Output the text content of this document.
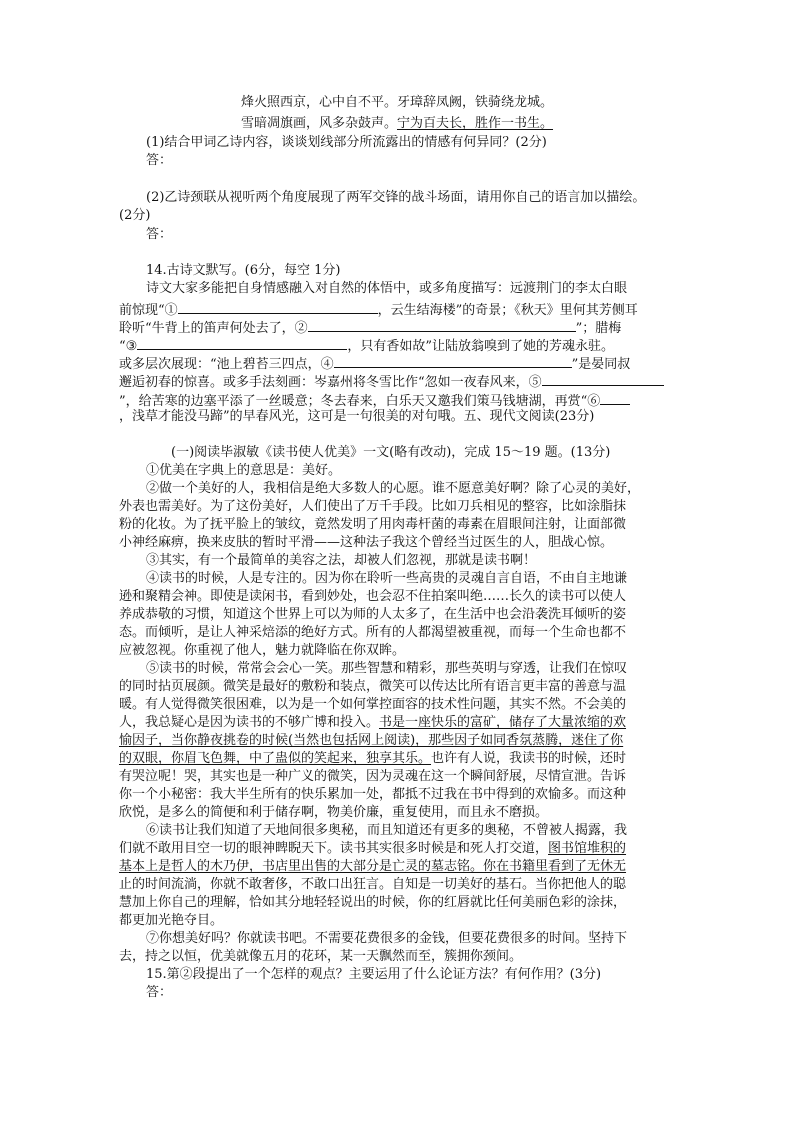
烽火照西京，心中自不平。牙璋辞凤阙，铁骑绕龙城。
雪暗凋旗画，风多杂鼓声。宁为百夫长，胜作一书生。
(1)结合甲词乙诗内容，谈谈划线部分所流露出的情感有何异同？(2分)
答：
(2)乙诗颈联从视听两个角度展现了两军交锋的战斗场面，请用你自己的语言加以描绘。
(2分)
答：
14.古诗文默写。(6分，每空 1分)
诗文大家多能把自身情感融入对自然的体悟中，或多角度描写：远渡荆门的李太白眼
前惊现“①	，云生结海楼”的奇景；《秋天》里何其芳侧耳
聆听“牛背上的笛声何处去了，②	”；腊梅
“③	，只有香如故”让陆放翁嗅到了她的芳魂永驻。
或多层次展现：“池上碧苔三四点，④	”是晏同叔
邂逅初春的惊喜。或多手法刻画：岑嘉州将冬雪比作“忽如一夜春风来，⑤
”，给苦寒的边塞平添了一丝暖意；冬去春来，白乐天又邀我们策马钱塘湖，再赏“⑥
，浅草才能没马蹄”的早春风光，这可是一句很美的对句哦。五、现代文阅读(23分)
(一)阅读毕淑敏《读书使人优美》一文(略有改动)，完成 15～19 题。(13分)
①优美在字典上的意思是：美好。
②做一个美好的人，我相信是绝大多数人的心愿。谁不愿意美好啊？除了心灵的美好，
外表也需美好。为了这份美好，人们使出了万千手段。比如刀兵相见的整容，比如涂脂抹
粉的化妆。为了抚平脸上的皱纹，竟然发明了用肉毒杆菌的毒素在眉眼间注射，让面部微
小神经麻痹，换来皮肤的暂时平滑——这种法子我这个曾经当过医生的人，胆战心惊。
③其实，有一个最简单的美容之法，却被人们忽视，那就是读书啊！
④读书的时候，人是专注的。因为你在聆听一些高贵的灵魂自言自语，不由自主地谦
逊和聚精会神。即使是读闲书，看到妙处，也会忍不住拍案叫绝……长久的读书可以使人
养成恭敬的习惯，知道这个世界上可以为师的人太多了，在生活中也会沿袭洗耳倾听的姿
态。而倾听，是让人神采焙添的绝好方式。所有的人都渴望被重视，而每一个生命也都不
应被忽视。你重视了他人，魅力就降临在你双眸。
⑤读书的时候，常常会会心一笑。那些智慧和精彩，那些英明与穿透，让我们在惊叹
的同时拈页展颜。微笑是最好的敷粉和装点，微笑可以传达比所有语言更丰富的善意与温
暖。有人觉得微笑很困难，以为是一个如何掌控面容的技术性问题，其实不然。不会美的
人，我总疑心是因为读书的不够广博和投入。书是一座快乐的富矿，储存了大量浓缩的欢
愉因子，当你静夜挑卷的时候(当然也包括网上阅读)，那些因子如同香氛蒸腾，迷住了你
的双眼，你眉飞色舞，中了蛊似的笑起来，独享其乐。也许有人说，我读书的时候，还时
有哭泣呢！哭，其实也是一种广义的微笑，因为灵魂在这一个瞬间舒展，尽情宣泄。告诉
你一个小秘密：我大半生所有的快乐累加一处，都抵不过我在书中得到的欢愉多。而这种
欣悦，是多么的简便和利于储存啊，物美价廉，重复使用，而且永不磨损。
⑥读书让我们知道了天地间很多奥秘，而且知道还有更多的奥秘，不曾被人揭露，我
们就不敢用目空一切的眼神睥睨天下。读书其实很多时候是和死人打交道，图书馆堆积的
基本上是哲人的木乃伊，书店里出售的大部分是亡灵的墓志铭。你在书籍里看到了无休无
止的时间流淌，你就不敢奢侈，不敢口出狂言。自知是一切美好的基石。当你把他人的聪
慧加上你自己的理解，恰如其分地轻轻说出的时候，你的红唇就比任何美丽色彩的涂抹，
都更加光艳夺目。
⑦你想美好吗？你就读书吧。不需要花费很多的金钱，但要花费很多的时间。坚持下
去，持之以恒，优美就像五月的花环，某一天飘然而至，簇拥你颈间。
15.第②段提出了一个怎样的观点？主要运用了什么论证方法？有何作用？(3分)
答：
